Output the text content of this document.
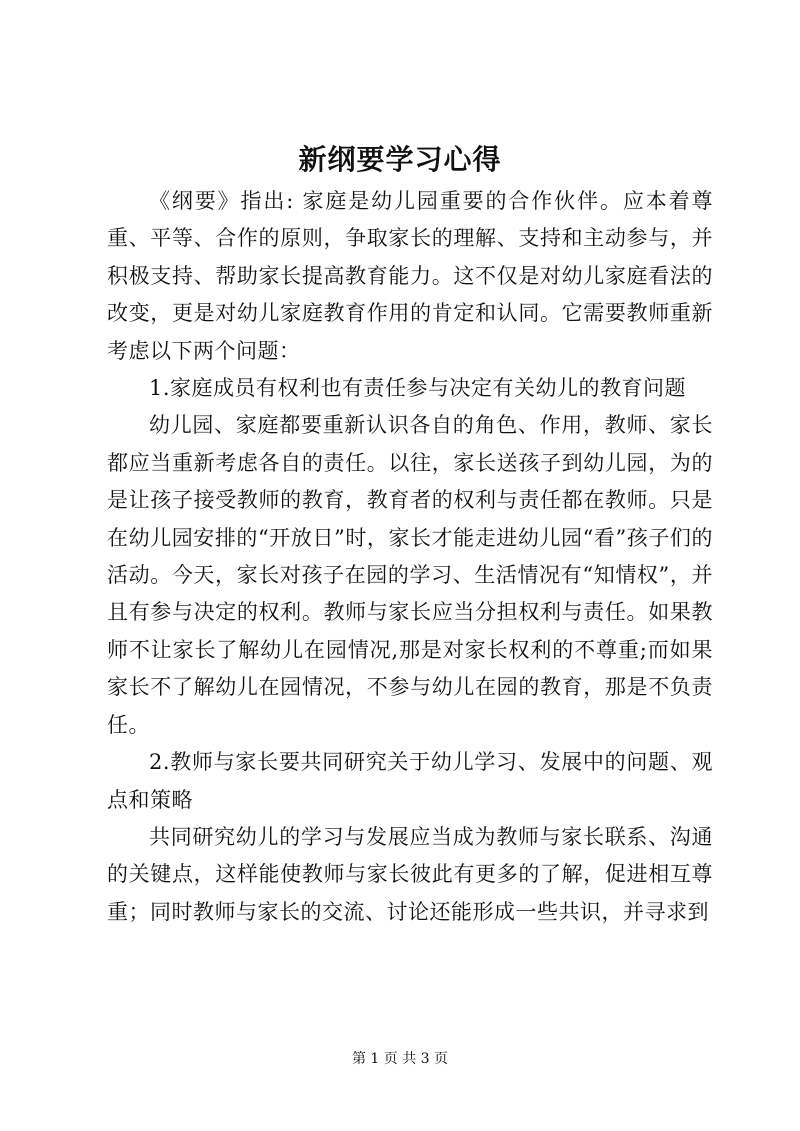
新纲要学习心得

《纲要》指出: 家庭是幼儿园重要的合作伙伴。应本着尊重、平等、合作的原则，争取家长的理解、支持和主动参与，并积极支持、帮助家长提高教育能力。这不仅是对幼儿家庭看法的改变，更是对幼儿家庭教育作用的肯定和认同。它需要教师重新考虑以下两个问题：

1.家庭成员有权利也有责任参与决定有关幼儿的教育问题

幼儿园、家庭都要重新认识各自的角色、作用，教师、家长都应当重新考虑各自的责任。以往，家长送孩子到幼儿园，为的是让孩子接受教师的教育，教育者的权利与责任都在教师。只是在幼儿园安排的“开放日”时，家长才能走进幼儿园“看”孩子们的活动。今天，家长对孩子在园的学习、生活情况有“知情权”，并且有参与决定的权利。教师与家长应当分担权利与责任。如果教师不让家长了解幼儿在园情况,那是对家长权利的不尊重;而如果家长不了解幼儿在园情况，不参与幼儿在园的教育，那是不负责任。

2.教师与家长要共同研究关于幼儿学习、发展中的问题、观点和策略

共同研究幼儿的学习与发展应当成为教师与家长联系、沟通的关键点，这样能使教师与家长彼此有更多的了解，促进相互尊重；同时教师与家长的交流、讨论还能形成一些共识，并寻求到

第 1 页 共 3 页
